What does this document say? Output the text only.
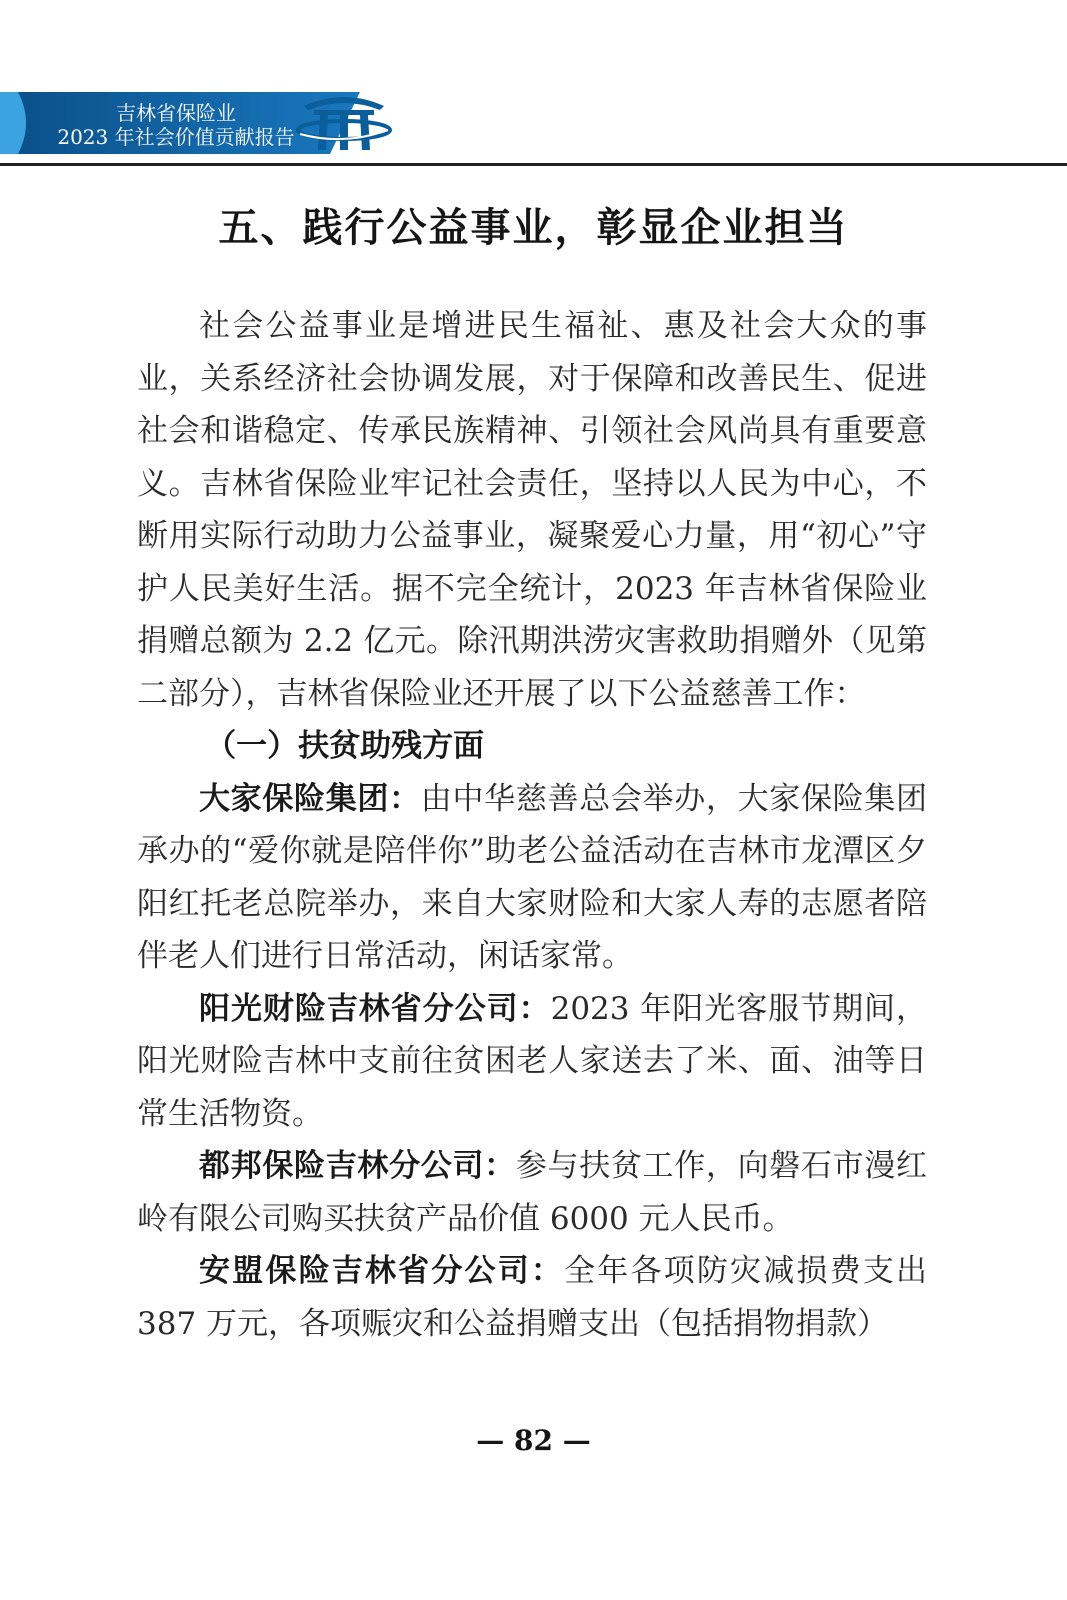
吉林省保险业
2023 年社会价值贡献报告
五、践行公益事业，彰显企业担当

社会公益事业是增进民生福祉、惠及社会大众的事业，关系经济社会协调发展，对于保障和改善民生、促进社会和谐稳定、传承民族精神、引领社会风尚具有重要意义。吉林省保险业牢记社会责任，坚持以人民为中心，不断用实际行动助力公益事业，凝聚爱心力量，用“初心”守护人民美好生活。据不完全统计，2023 年吉林省保险业捐赠总额为 2.2 亿元。除汛期洪涝灾害救助捐赠外（见第二部分），吉林省保险业还开展了以下公益慈善工作：

（一）扶贫助残方面

大家保险集团：由中华慈善总会举办，大家保险集团承办的“爱你就是陪伴你”助老公益活动在吉林市龙潭区夕阳红托老总院举办，来自大家财险和大家人寿的志愿者陪伴老人们进行日常活动，闲话家常。

阳光财险吉林省分公司：2023 年阳光客服节期间，阳光财险吉林中支前往贫困老人家送去了米、面、油等日常生活物资。

都邦保险吉林分公司：参与扶贫工作，向磐石市漫红岭有限公司购买扶贫产品价值 6000 元人民币。

安盟保险吉林省分公司：全年各项防灾减损费支出 387 万元，各项赈灾和公益捐赠支出（包括捐物捐款）

— 82 —
